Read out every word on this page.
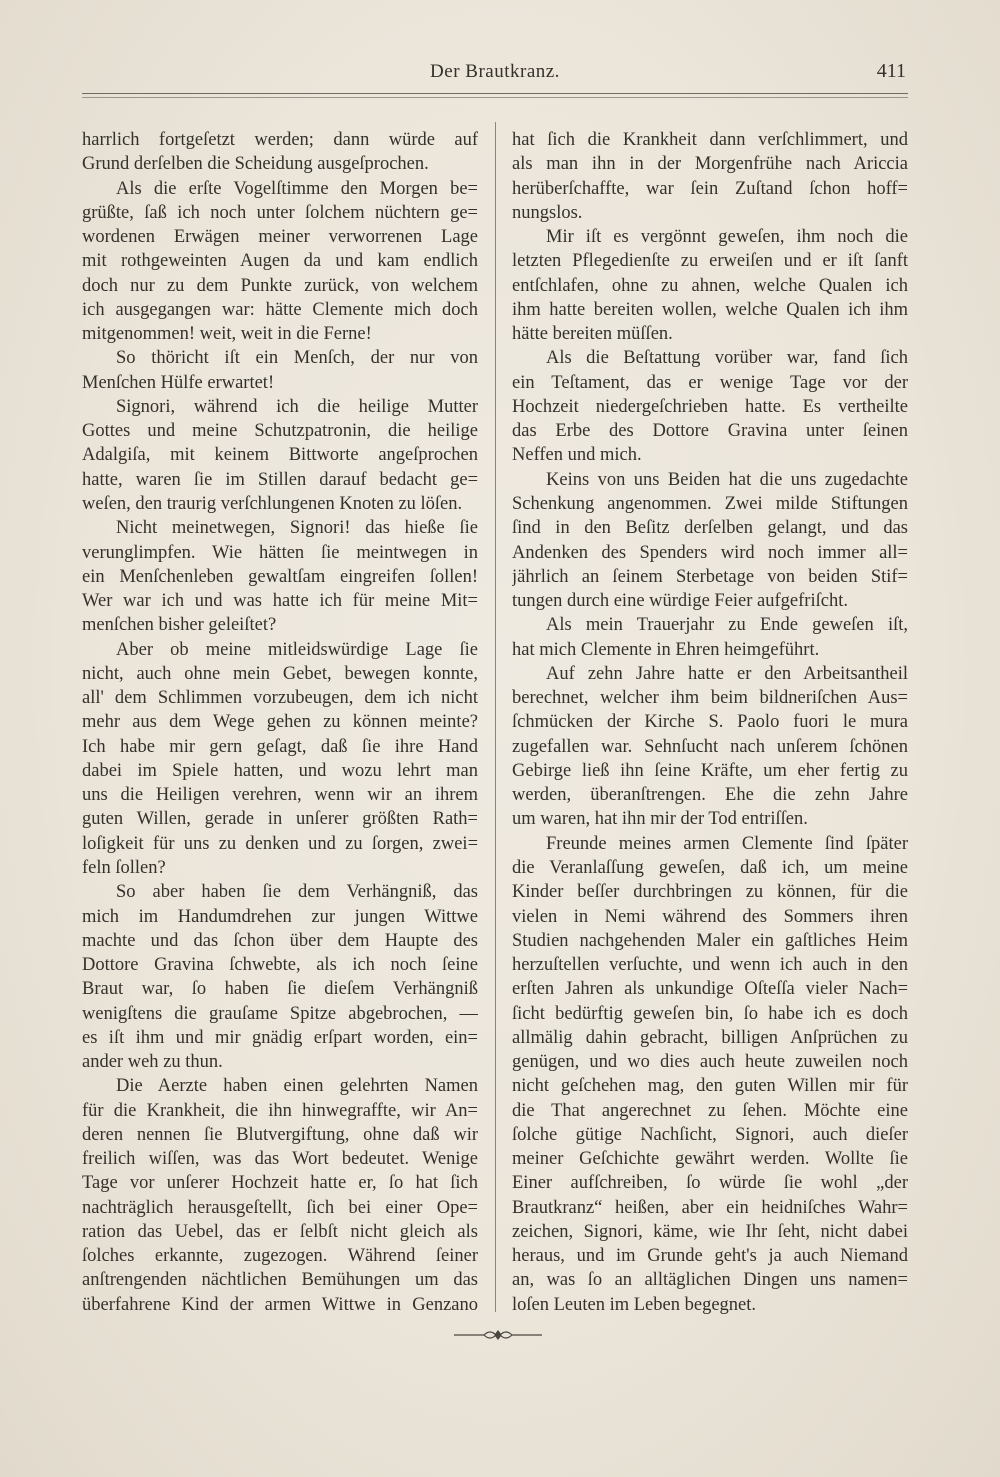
Der Brautkranz.	411
harrlich fortgeſetzt werden; dann würde auf
Grund derſelben die Scheidung ausgeſprochen.
Als die erſte Vogelſtimme den Morgen be=
grüßte, ſaß ich noch unter ſolchem nüchtern ge=
wordenen Erwägen meiner verworrenen Lage
mit rothgeweinten Augen da und kam endlich
doch nur zu dem Punkte zurück, von welchem
ich ausgegangen war: hätte Clemente mich doch
mitgenommen! weit, weit in die Ferne!
So thöricht iſt ein Menſch, der nur von
Menſchen Hülfe erwartet!
Signori, während ich die heilige Mutter
Gottes und meine Schutzpatronin, die heilige
Adalgiſa, mit keinem Bittworte angeſprochen
hatte, waren ſie im Stillen darauf bedacht ge=
weſen, den traurig verſchlungenen Knoten zu löſen.
Nicht meinetwegen, Signori! das hieße ſie
verunglimpfen. Wie hätten ſie meintwegen in
ein Menſchenleben gewaltſam eingreifen ſollen!
Wer war ich und was hatte ich für meine Mit=
menſchen bisher geleiſtet?
Aber ob meine mitleidswürdige Lage ſie
nicht, auch ohne mein Gebet, bewegen konnte,
all' dem Schlimmen vorzubeugen, dem ich nicht
mehr aus dem Wege gehen zu können meinte?
Ich habe mir gern geſagt, daß ſie ihre Hand
dabei im Spiele hatten, und wozu lehrt man
uns die Heiligen verehren, wenn wir an ihrem
guten Willen, gerade in unſerer größten Rath=
loſigkeit für uns zu denken und zu ſorgen, zwei=
feln ſollen?
So aber haben ſie dem Verhängniß, das
mich im Handumdrehen zur jungen Wittwe
machte und das ſchon über dem Haupte des
Dottore Gravina ſchwebte, als ich noch ſeine
Braut war, ſo haben ſie dieſem Verhängniß
wenigſtens die grauſame Spitze abgebrochen, —
es iſt ihm und mir gnädig erſpart worden, ein=
ander weh zu thun.
Die Aerzte haben einen gelehrten Namen
für die Krankheit, die ihn hinwegraffte, wir An=
deren nennen ſie Blutvergiftung, ohne daß wir
freilich wiſſen, was das Wort bedeutet. Wenige
Tage vor unſerer Hochzeit hatte er, ſo hat ſich
nachträglich herausgeſtellt, ſich bei einer Ope=
ration das Uebel, das er ſelbſt nicht gleich als
ſolches erkannte, zugezogen. Während ſeiner
anſtrengenden nächtlichen Bemühungen um das
überfahrene Kind der armen Wittwe in Genzano
hat ſich die Krankheit dann verſchlimmert, und
als man ihn in der Morgenfrühe nach Ariccia
herüberſchaffte, war ſein Zuſtand ſchon hoff=
nungslos.
Mir iſt es vergönnt geweſen, ihm noch die
letzten Pflegedienſte zu erweiſen und er iſt ſanft
entſchlafen, ohne zu ahnen, welche Qualen ich
ihm hatte bereiten wollen, welche Qualen ich ihm
hätte bereiten müſſen.
Als die Beſtattung vorüber war, fand ſich
ein Teſtament, das er wenige Tage vor der
Hochzeit niedergeſchrieben hatte. Es vertheilte
das Erbe des Dottore Gravina unter ſeinen
Neffen und mich.
Keins von uns Beiden hat die uns zugedachte
Schenkung angenommen. Zwei milde Stiftungen
ſind in den Beſitz derſelben gelangt, und das
Andenken des Spenders wird noch immer all=
jährlich an ſeinem Sterbetage von beiden Stif=
tungen durch eine würdige Feier aufgefriſcht.
Als mein Trauerjahr zu Ende geweſen iſt,
hat mich Clemente in Ehren heimgeführt.
Auf zehn Jahre hatte er den Arbeitsantheil
berechnet, welcher ihm beim bildneriſchen Aus=
ſchmücken der Kirche S. Paolo fuori le mura
zugefallen war. Sehnſucht nach unſerem ſchönen
Gebirge ließ ihn ſeine Kräfte, um eher fertig zu
werden, überanſtrengen. Ehe die zehn Jahre
um waren, hat ihn mir der Tod entriſſen.
Freunde meines armen Clemente ſind ſpäter
die Veranlaſſung geweſen, daß ich, um meine
Kinder beſſer durchbringen zu können, für die
vielen in Nemi während des Sommers ihren
Studien nachgehenden Maler ein gaſtliches Heim
herzuſtellen verſuchte, und wenn ich auch in den
erſten Jahren als unkundige Oſteſſa vieler Nach=
ſicht bedürftig geweſen bin, ſo habe ich es doch
allmälig dahin gebracht, billigen Anſprüchen zu
genügen, und wo dies auch heute zuweilen noch
nicht geſchehen mag, den guten Willen mir für
die That angerechnet zu ſehen. Möchte eine
ſolche gütige Nachſicht, Signori, auch dieſer
meiner Geſchichte gewährt werden. Wollte ſie
Einer aufſchreiben, ſo würde ſie wohl „der
Brautkranz“ heißen, aber ein heidniſches Wahr=
zeichen, Signori, käme, wie Ihr ſeht, nicht dabei
heraus, und im Grunde geht's ja auch Niemand
an, was ſo an alltäglichen Dingen uns namen=
loſen Leuten im Leben begegnet.
